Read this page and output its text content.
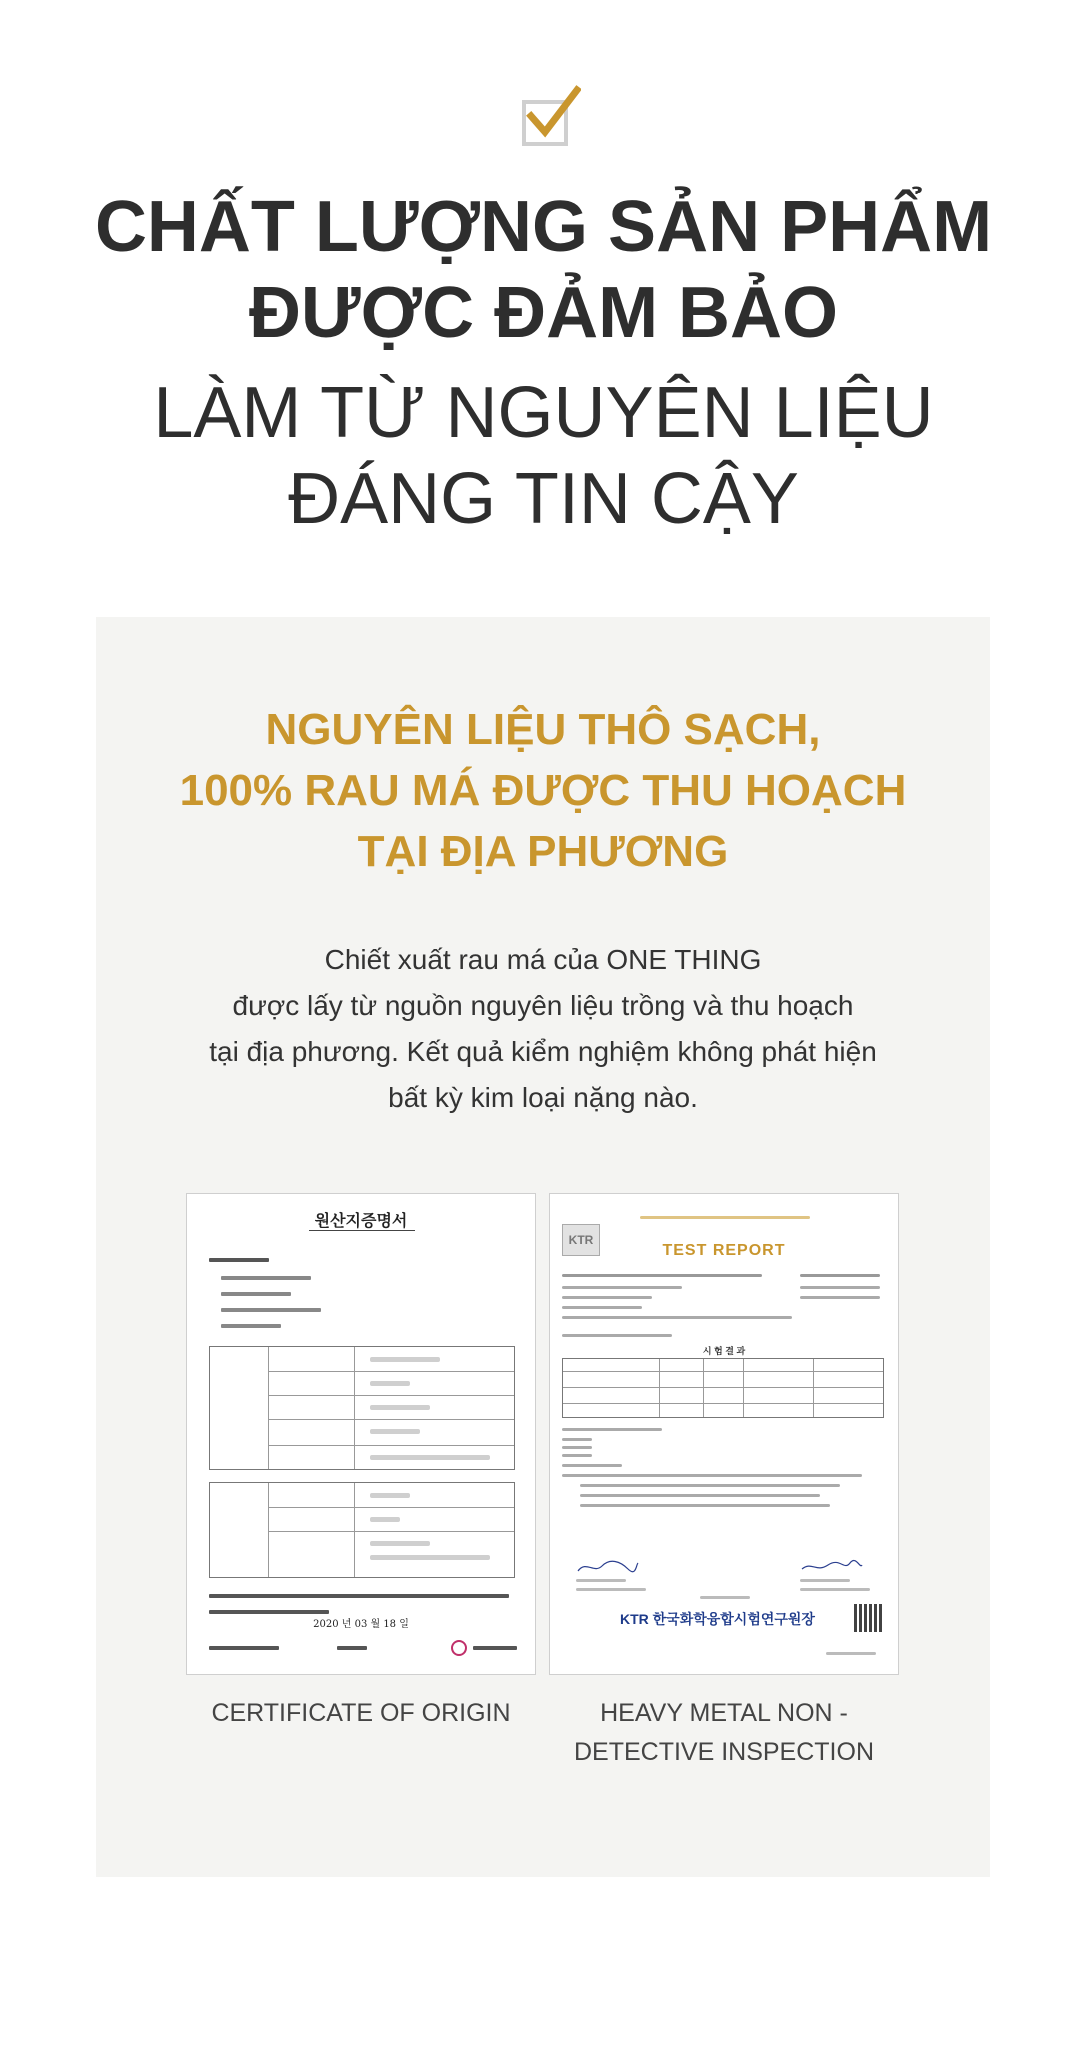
CHẤT LƯỢNG SẢN PHẨM
ĐƯỢC ĐẢM BẢO
LÀM TỪ NGUYÊN LIỆU
ĐÁNG TIN CẬY
NGUYÊN LIỆU THÔ SẠCH,
100% RAU MÁ ĐƯỢC THU HOẠCH
TẠI ĐỊA PHƯƠNG
Chiết xuất rau má của ONE THING
được lấy từ nguồn nguyên liệu trồng và thu hoạch
tại địa phương. Kết quả kiểm nghiệm không phát hiện
bất kỳ kim loại nặng nào.
원산지증명서
2020 년 03 월 18 일
KTR
TEST REPORT
시 험 결 과
KTR 한국화학융합시험연구원장
CERTIFICATE OF ORIGIN	HEAVY METAL NON -
DETECTIVE INSPECTION
